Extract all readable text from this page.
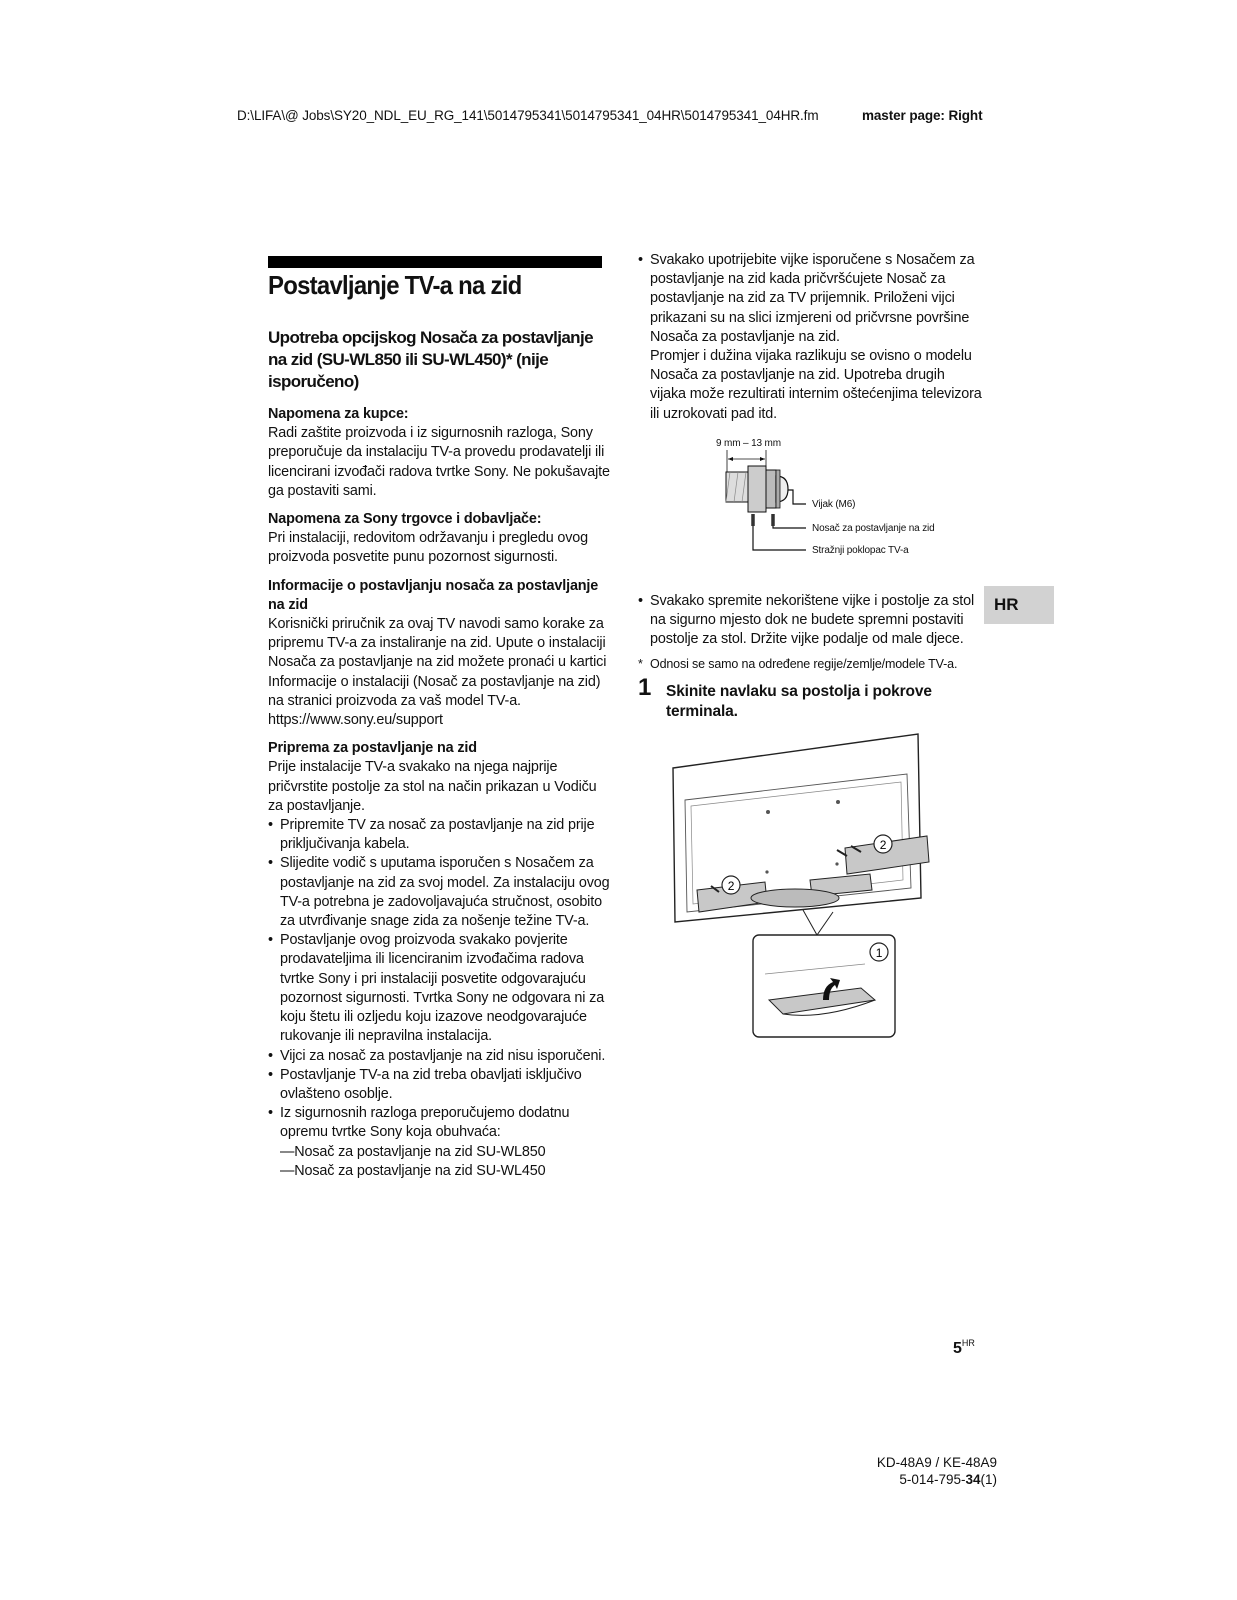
D:\LIFA\@ Jobs\SY20_NDL_EU_RG_141\5014795341\5014795341_04HR\5014795341_04HR.fm	master page: Right
Postavljanje TV-a na zid
Upotreba opcijskog Nosača za postavljanje na zid (SU-WL850 ili SU-WL450)* (nije isporučeno)
Napomena za kupce:

Radi zaštite proizvoda i iz sigurnosnih razloga, Sony preporučuje da instalaciju TV-a provedu prodavatelji ili licencirani izvođači radova tvrtke Sony. Ne pokušavajte ga postaviti sami.

Napomena za Sony trgovce i dobavljače:

Pri instalaciji, redovitom održavanju i pregledu ovog proizvoda posvetite punu pozornost sigurnosti.

Informacije o postavljanju nosača za postavljanje na zid

Korisnički priručnik za ovaj TV navodi samo korake za pripremu TV-a za instaliranje na zid. Upute o instalaciji Nosača za postavljanje na zid možete pronaći u kartici Informacije o instalaciji (Nosač za postavljanje na zid) na stranici proizvoda za vaš model TV-a.

https://www.sony.eu/support

Priprema za postavljanje na zid

Prije instalacije TV-a svakako na njega najprije pričvrstite postolje za stol na način prikazan u Vodiču za postavljanje.

• Pripremite TV za nosač za postavljanje na zid prije priključivanja kabela.
• Slijedite vodič s uputama isporučen s Nosačem za postavljanje na zid za svoj model. Za instalaciju ovog TV-a potrebna je zadovoljavajuća stručnost, osobito za utvrđivanje snage zida za nošenje težine TV-a.
• Postavljanje ovog proizvoda svakako povjerite prodavateljima ili licenciranim izvođačima radova tvrtke Sony i pri instalaciji posvetite odgovarajuću pozornost sigurnosti. Tvrtka Sony ne odgovara ni za koju štetu ili ozljedu koju izazove neodgovarajuće rukovanje ili nepravilna instalacija.
• Vijci za nosač za postavljanje na zid nisu isporučeni.
• Postavljanje TV-a na zid treba obavljati isključivo ovlašteno osoblje.
• Iz sigurnosnih razloga preporučujemo dodatnu opremu tvrtke Sony koja obuhvaća:
— Nosač za postavljanje na zid SU-WL850
— Nosač za postavljanje na zid SU-WL450
• Svakako upotrijebite vijke isporučene s Nosačem za postavljanje na zid kada pričvršćujete Nosač za postavljanje na zid za TV prijemnik. Priloženi vijci prikazani su na slici izmjereni od pričvrsne površine Nosača za postavljanje na zid.
Promjer i dužina vijaka razlikuju se ovisno o modelu Nosača za postavljanje na zid. Upotreba drugih vijaka može rezultirati internim oštećenjima televizora ili uzrokovati pad itd.
9 mm – 13 mm
Vijak (M6)
Nosač za postavljanje na zid
Stražnji poklopac TV-a
• Svakako spremite nekorištene vijke i postolje za stol na sigurno mjesto dok ne budete spremni postaviti postolje za stol. Držite vijke podalje od male djece.
* Odnosi se samo na određene regije/zemlje/modele TV-a.
1 Skinite navlaku sa postolja i pokrove terminala.
2
2
1
HR
$5^{HR}$
KD-48A9 / KE-48A9
5-014-795-34(1)
